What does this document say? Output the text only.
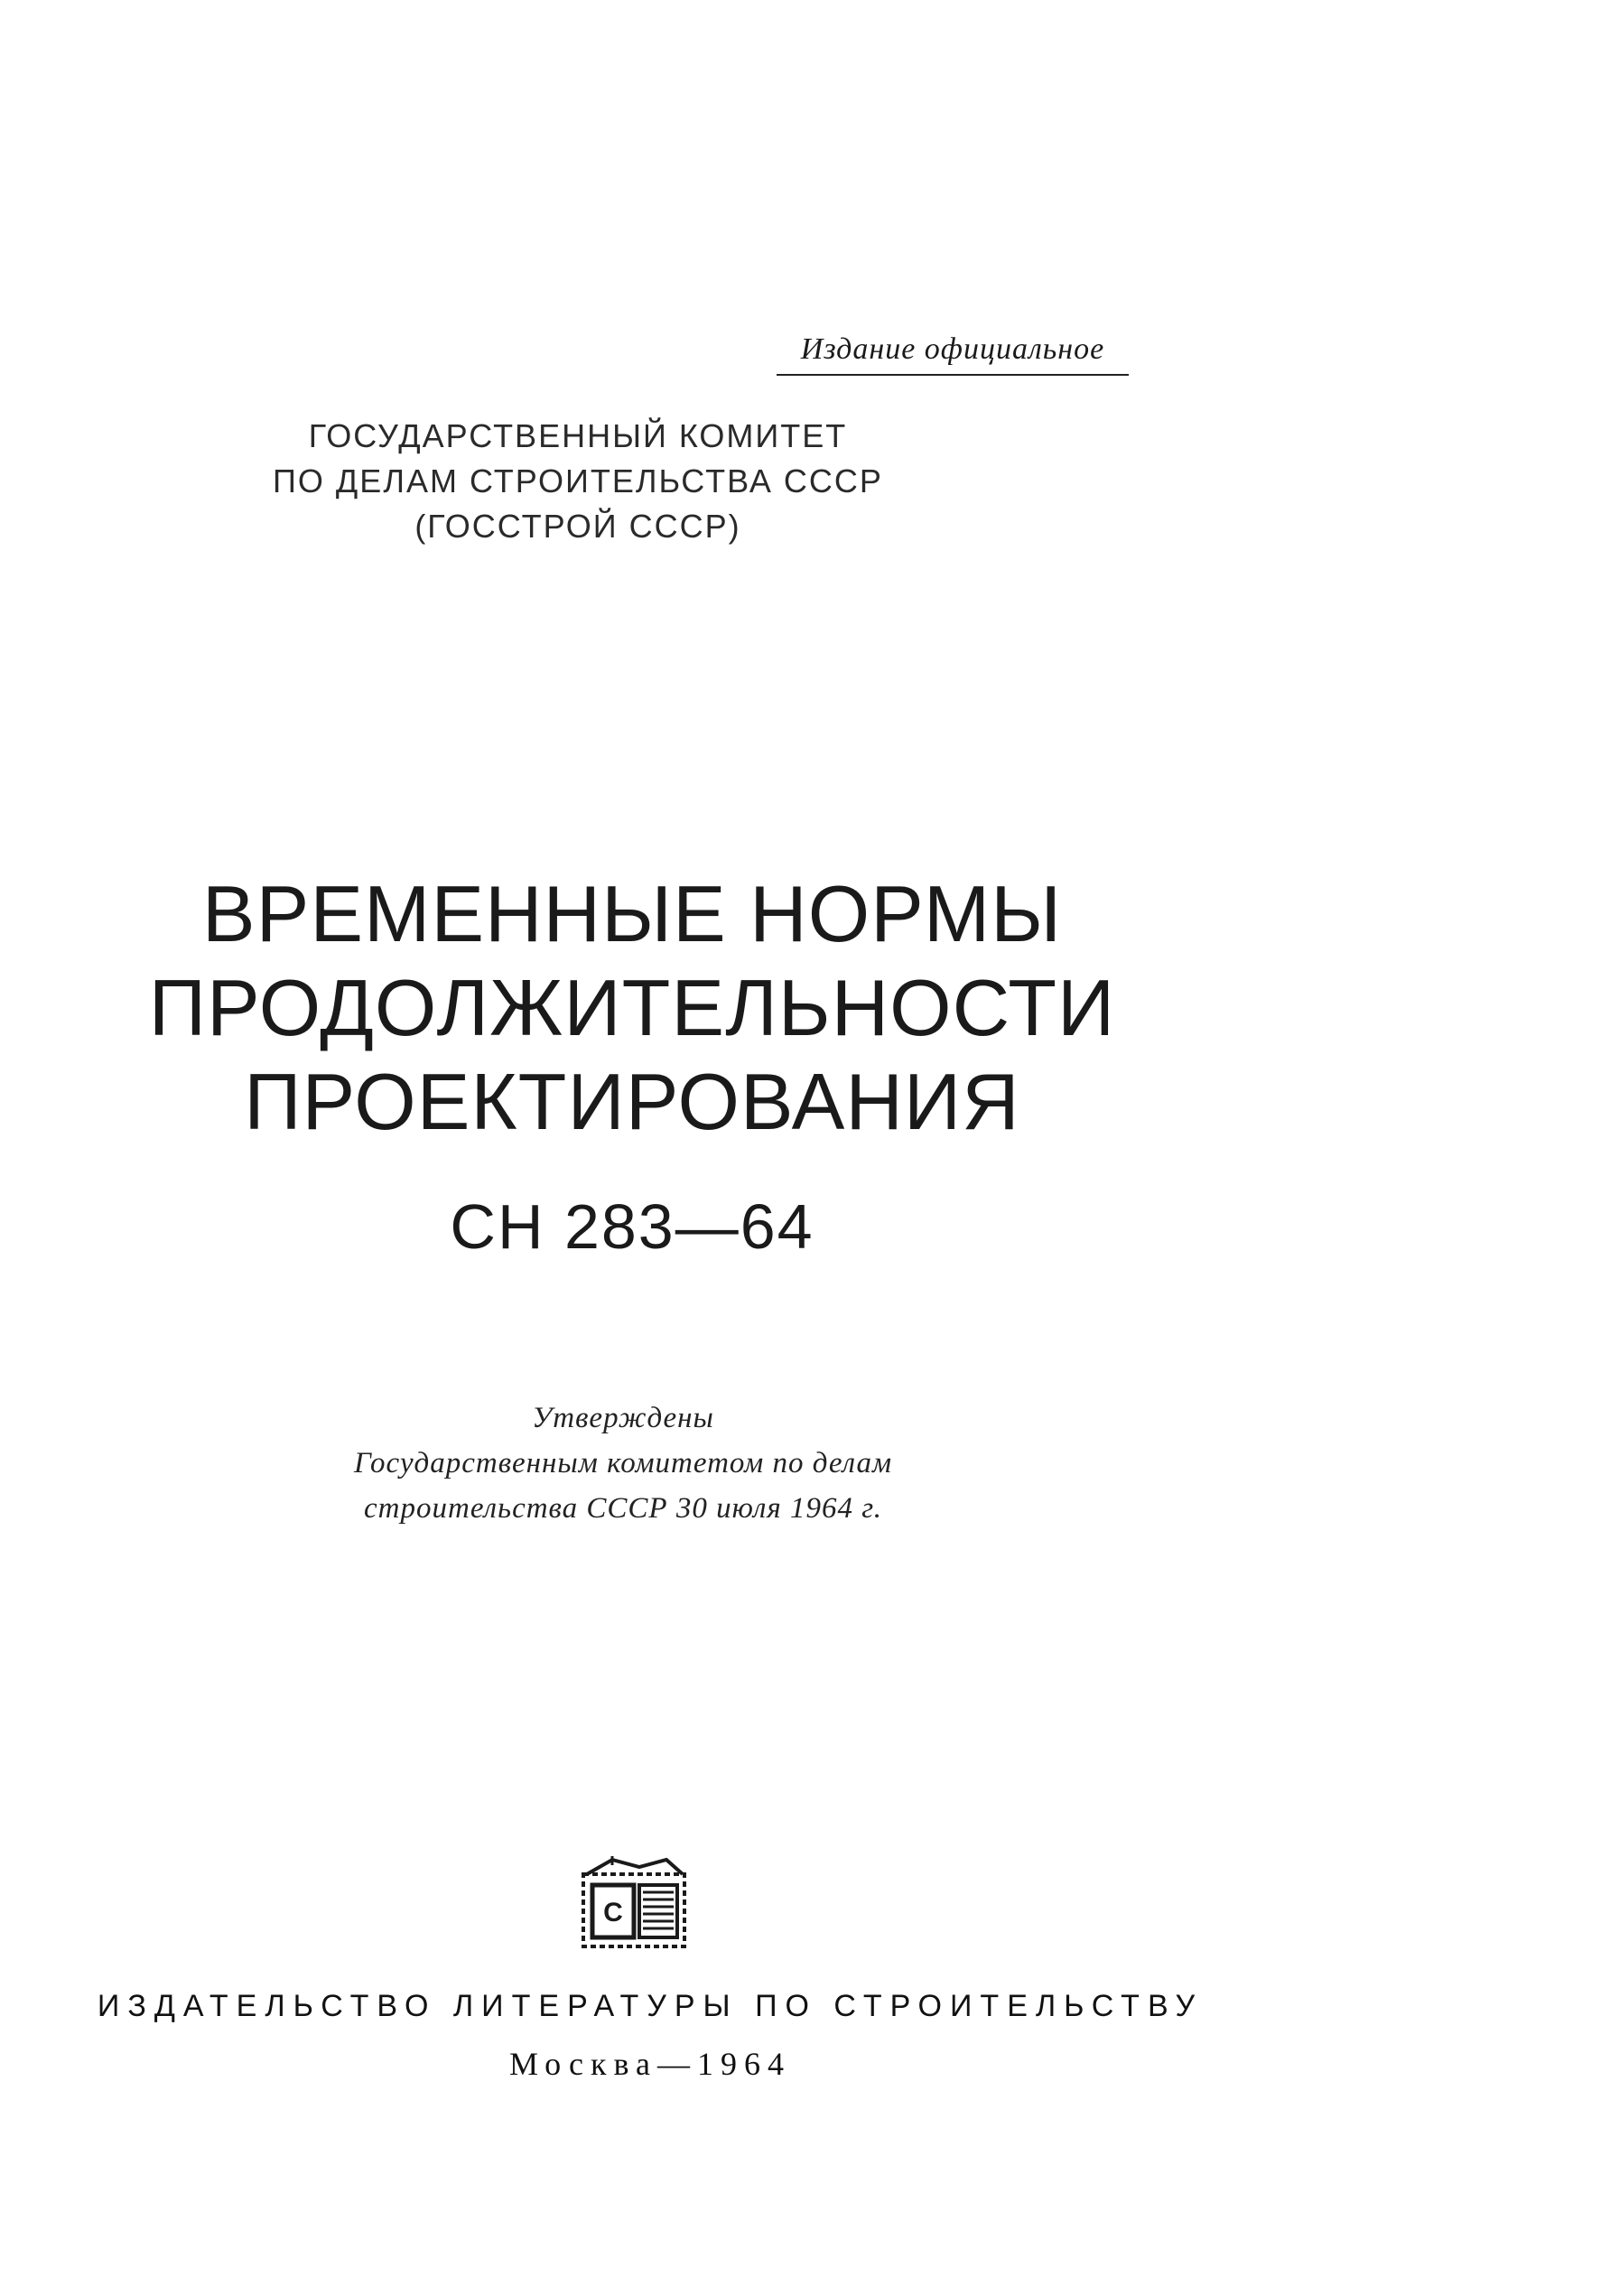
Издание официальное
ГОСУДАРСТВЕННЫЙ КОМИТЕТ
ПО ДЕЛАМ СТРОИТЕЛЬСТВА СССР
(ГОССТРОЙ СССР)
ВРЕМЕННЫЕ НОРМЫ
ПРОДОЛЖИТЕЛЬНОСТИ
ПРОЕКТИРОВАНИЯ
СН 283—64
Утверждены
Государственным комитетом по делам
строительства СССР 30 июля 1964 г.
С
ИЗДАТЕЛЬСТВО ЛИТЕРАТУРЫ ПО СТРОИТЕЛЬСТВУ
Москва—1964
